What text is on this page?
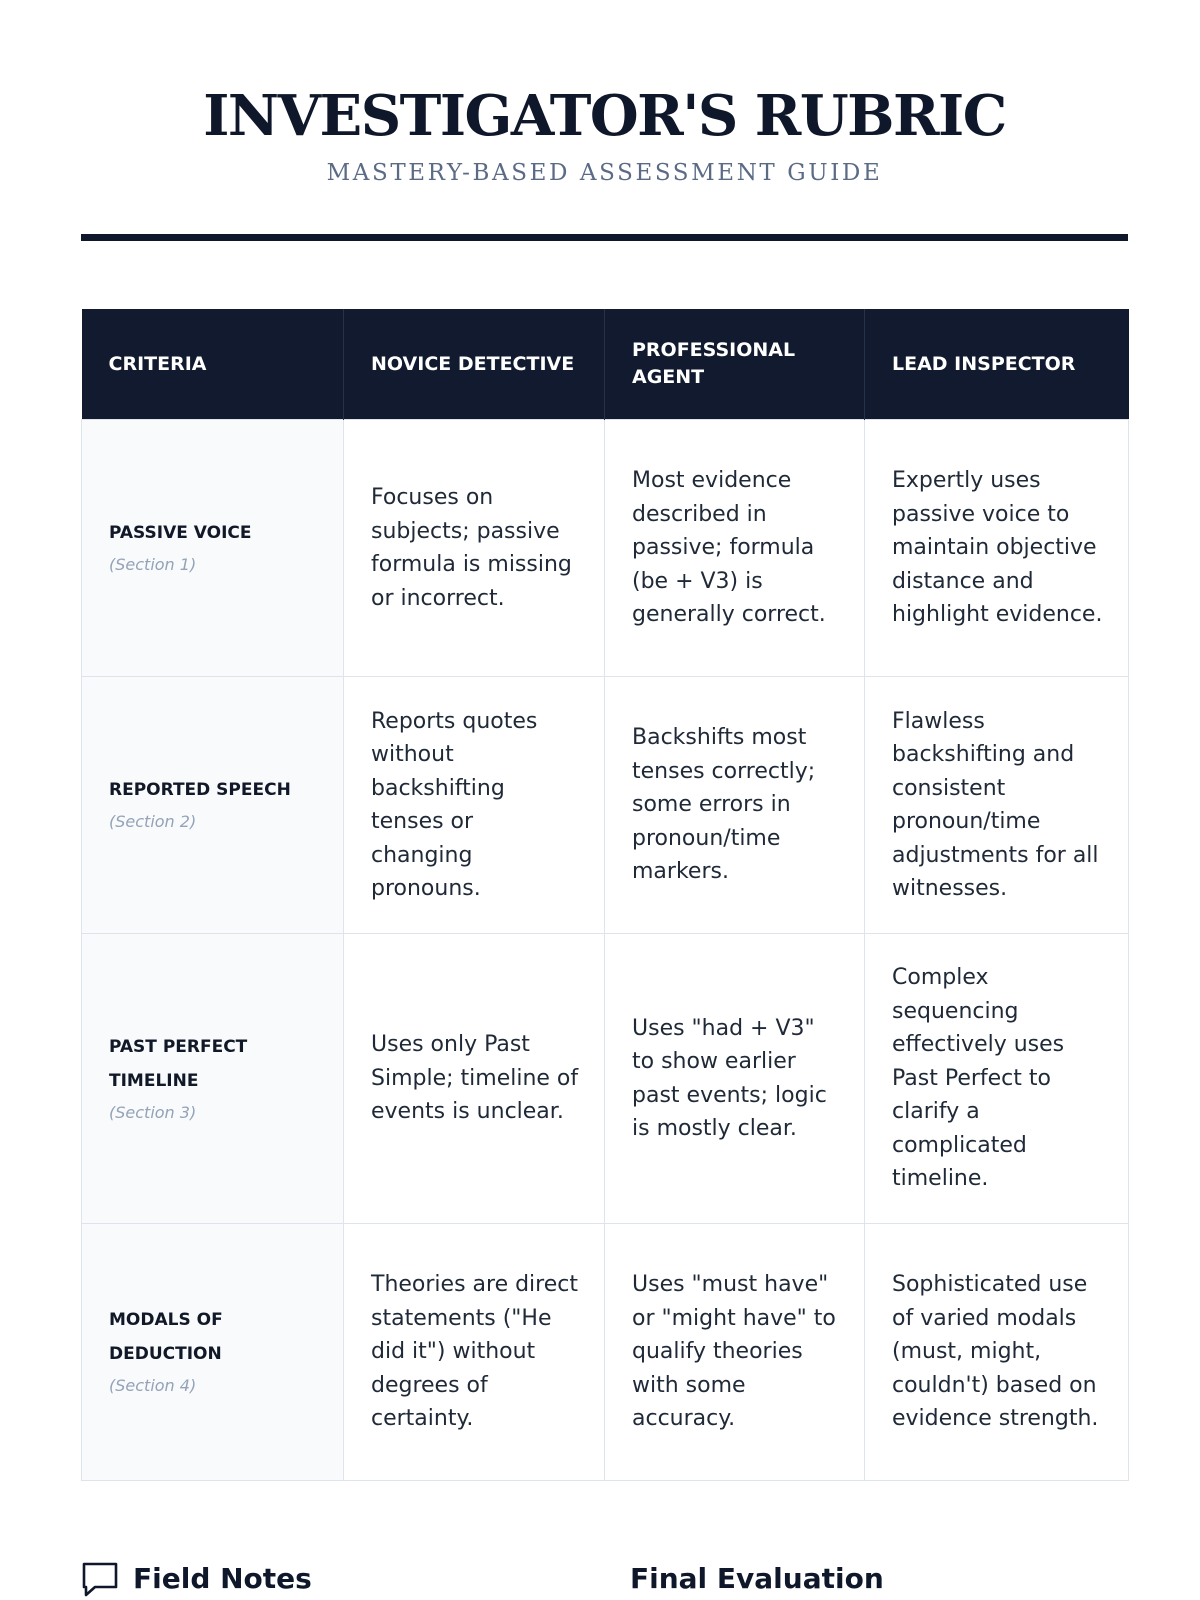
INVESTIGATOR'S RUBRIC
MASTERY-BASED ASSESSMENT GUIDE
CRITERIA	NOVICE DETECTIVE	PROFESSIONAL AGENT	LEAD INSPECTOR

PASSIVE VOICE
(Section 1)	Focuses on subjects; passive formula is missing or incorrect.	Most evidence described in passive; formula (be + V3) is generally correct.	Expertly uses passive voice to maintain objective distance and highlight evidence.

REPORTED SPEECH
(Section 2)	Reports quotes without backshifting tenses or changing pronouns.	Backshifts most tenses correctly; some errors in pronoun/time markers.	Flawless backshifting and consistent pronoun/time adjustments for all witnesses.

PAST PERFECT TIMELINE
(Section 3)	Uses only Past Simple; timeline of events is unclear.	Uses "had + V3" to show earlier past events; logic is mostly clear.	Complex sequencing effectively uses Past Perfect to clarify a complicated timeline.

MODALS OF DEDUCTION
(Section 4)	Theories are direct statements ("He did it") without degrees of certainty.	Uses "must have" or "might have" to qualify theories with some accuracy.	Sophisticated use of varied modals (must, might, couldn't) based on evidence strength.
Field Notes	Final Evaluation
